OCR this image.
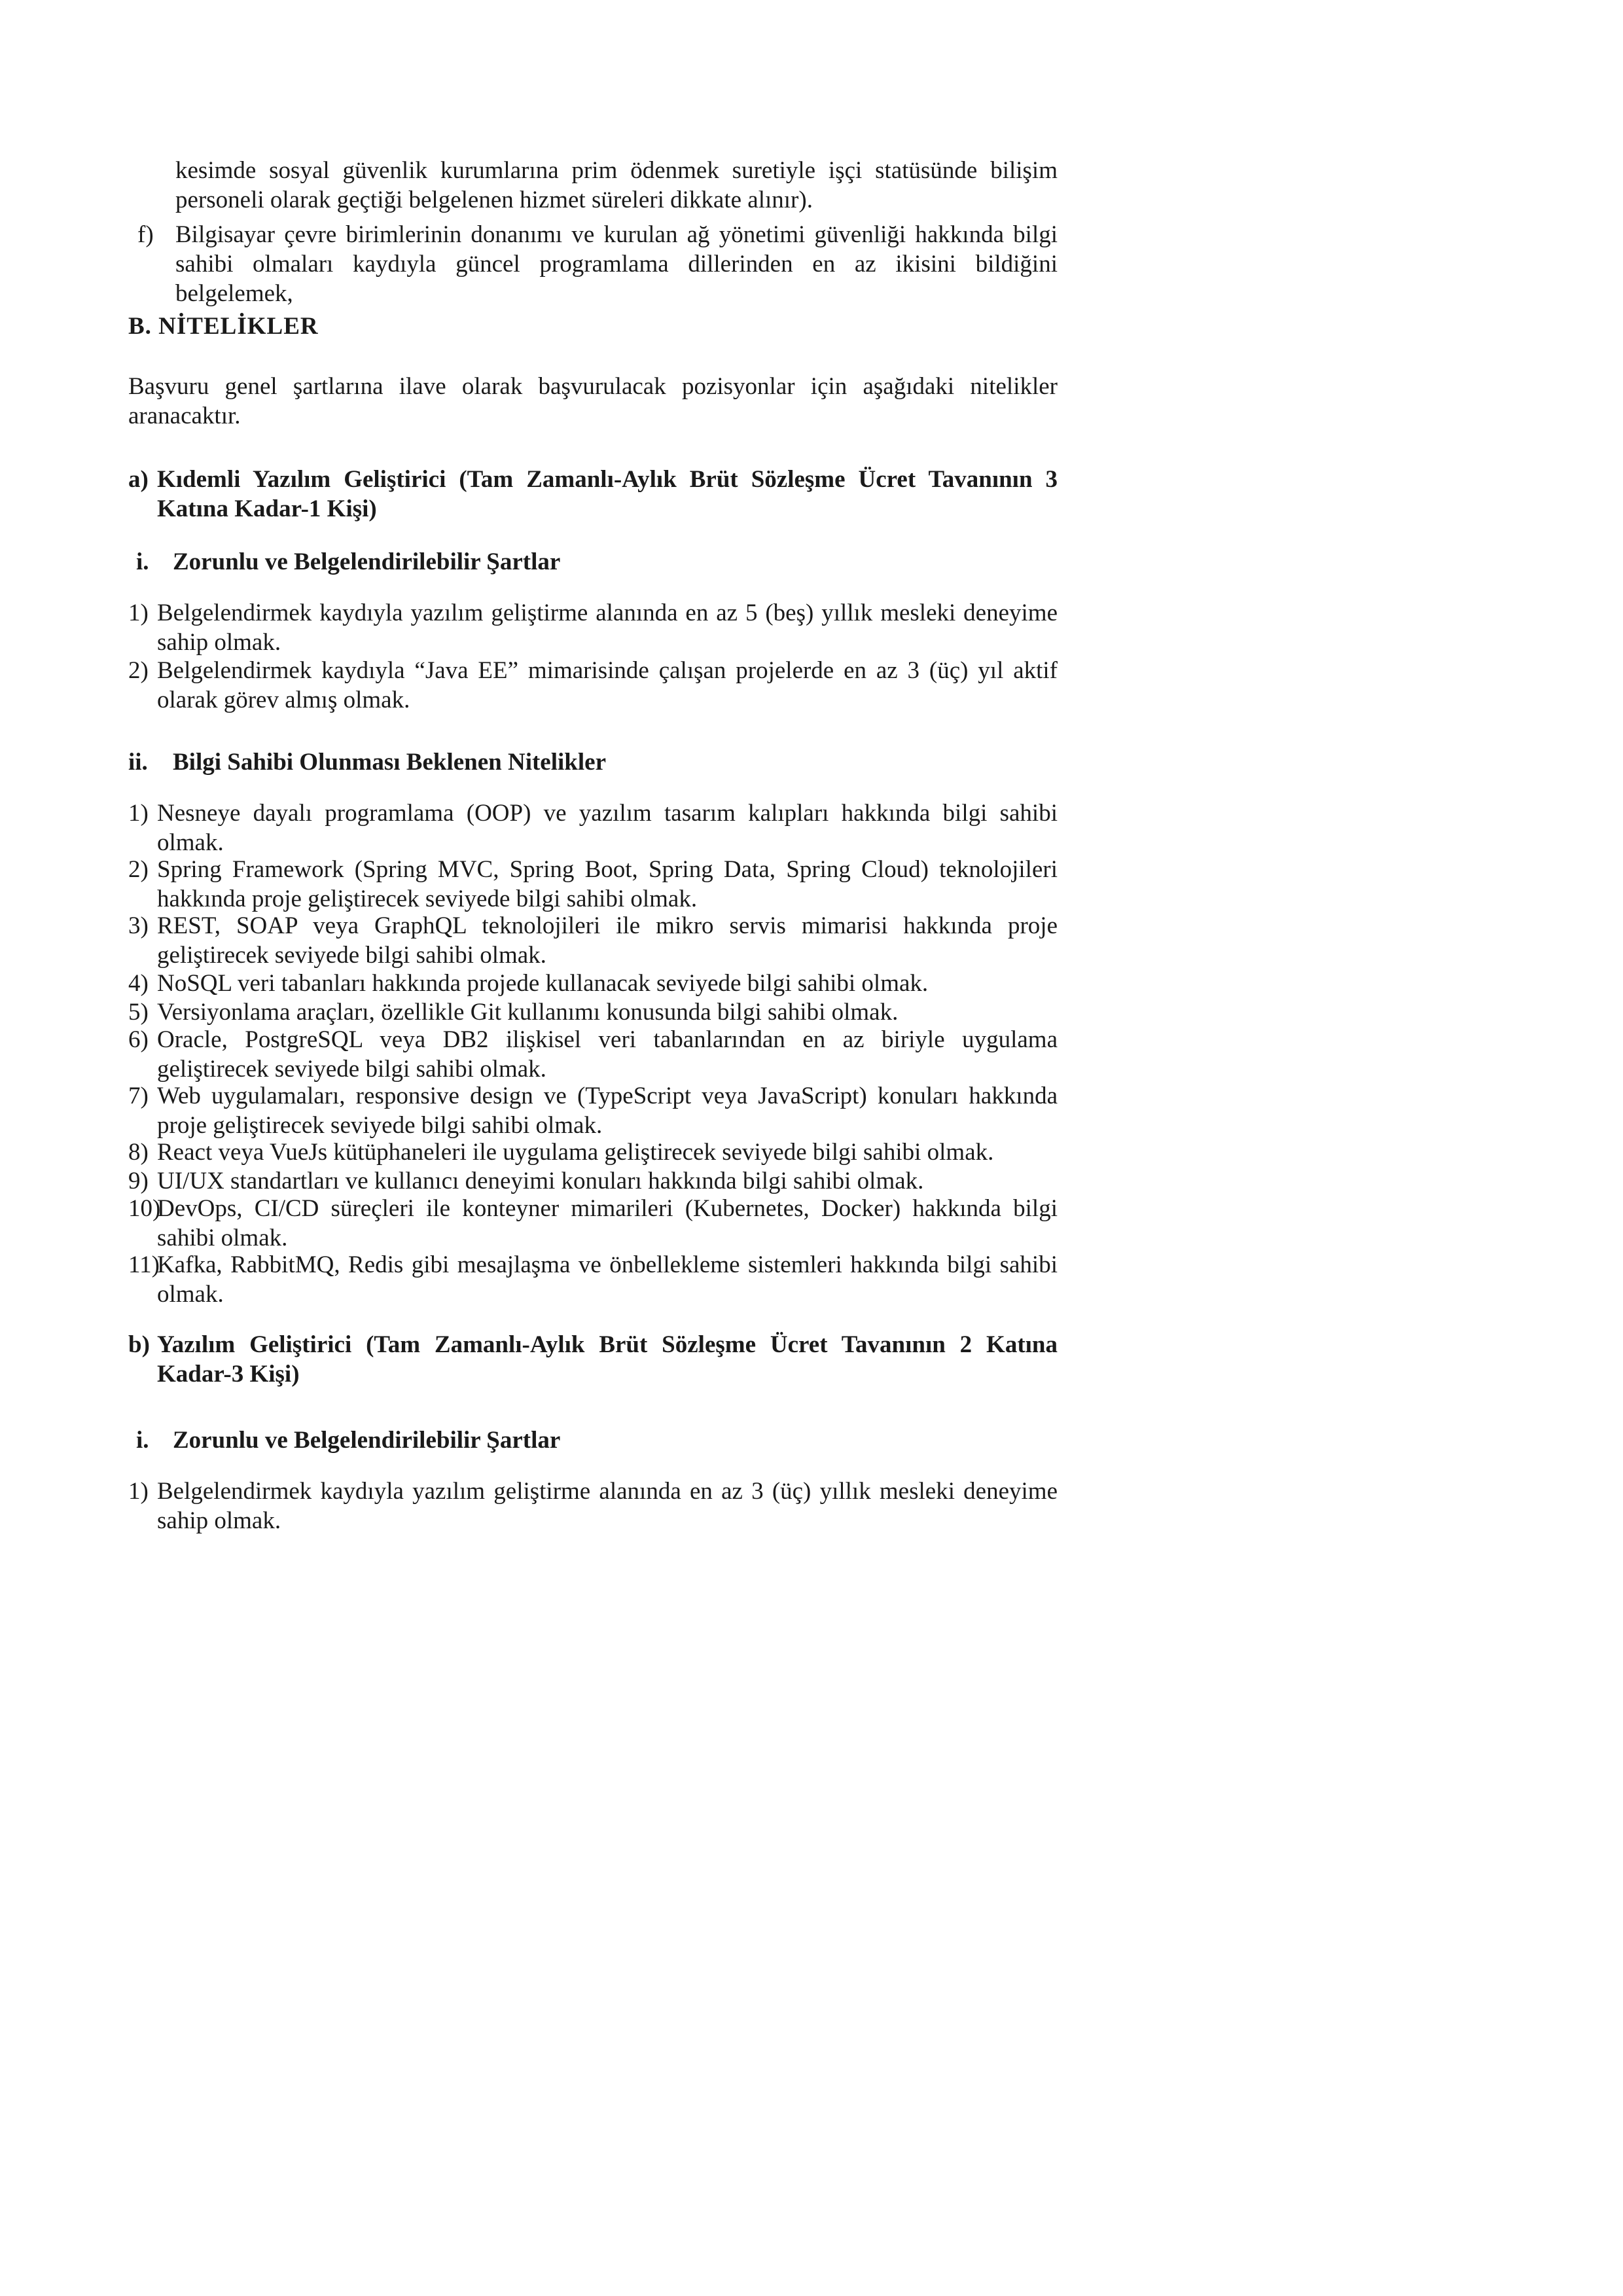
kesimde sosyal güvenlik kurumlarına prim ödenmek suretiyle işçi statüsünde bilişim personeli olarak geçtiği belgelenen hizmet süreleri dikkate alınır).
f) Bilgisayar çevre birimlerinin donanımı ve kurulan ağ yönetimi güvenliği hakkında bilgi sahibi olmaları kaydıyla güncel programlama dillerinden en az ikisini bildiğini belgelemek,
B. NİTELİKLER
Başvuru genel şartlarına ilave olarak başvurulacak pozisyonlar için aşağıdaki nitelikler aranacaktır.
a) Kıdemli Yazılım Geliştirici (Tam Zamanlı-Aylık Brüt Sözleşme Ücret Tavanının 3 Katına Kadar-1 Kişi)
i. Zorunlu ve Belgelendirilebilir Şartlar
1) Belgelendirmek kaydıyla yazılım geliştirme alanında en az 5 (beş) yıllık mesleki deneyime sahip olmak.
2) Belgelendirmek kaydıyla “Java EE” mimarisinde çalışan projelerde en az 3 (üç) yıl aktif olarak görev almış olmak.
ii. Bilgi Sahibi Olunması Beklenen Nitelikler
1) Nesneye dayalı programlama (OOP) ve yazılım tasarım kalıpları hakkında bilgi sahibi olmak.
2) Spring Framework (Spring MVC, Spring Boot, Spring Data, Spring Cloud) teknolojileri hakkında proje geliştirecek seviyede bilgi sahibi olmak.
3) REST, SOAP veya GraphQL teknolojileri ile mikro servis mimarisi hakkında proje geliştirecek seviyede bilgi sahibi olmak.
4) NoSQL veri tabanları hakkında projede kullanacak seviyede bilgi sahibi olmak.
5) Versiyonlama araçları, özellikle Git kullanımı konusunda bilgi sahibi olmak.
6) Oracle, PostgreSQL veya DB2 ilişkisel veri tabanlarından en az biriyle uygulama geliştirecek seviyede bilgi sahibi olmak.
7) Web uygulamaları, responsive design ve (TypeScript veya JavaScript) konuları hakkında proje geliştirecek seviyede bilgi sahibi olmak.
8) React veya VueJs kütüphaneleri ile uygulama geliştirecek seviyede bilgi sahibi olmak.
9) UI/UX standartları ve kullanıcı deneyimi konuları hakkında bilgi sahibi olmak.
10)
DevOps, CI/CD süreçleri ile konteyner mimarileri (Kubernetes, Docker) hakkında bilgi sahibi olmak.
11)
Kafka, RabbitMQ, Redis gibi mesajlaşma ve önbellekleme sistemleri hakkında bilgi sahibi olmak.
b) Yazılım Geliştirici (Tam Zamanlı-Aylık Brüt Sözleşme Ücret Tavanının 2 Katına Kadar-3 Kişi)
i. Zorunlu ve Belgelendirilebilir Şartlar
1) Belgelendirmek kaydıyla yazılım geliştirme alanında en az 3 (üç) yıllık mesleki deneyime sahip olmak.
